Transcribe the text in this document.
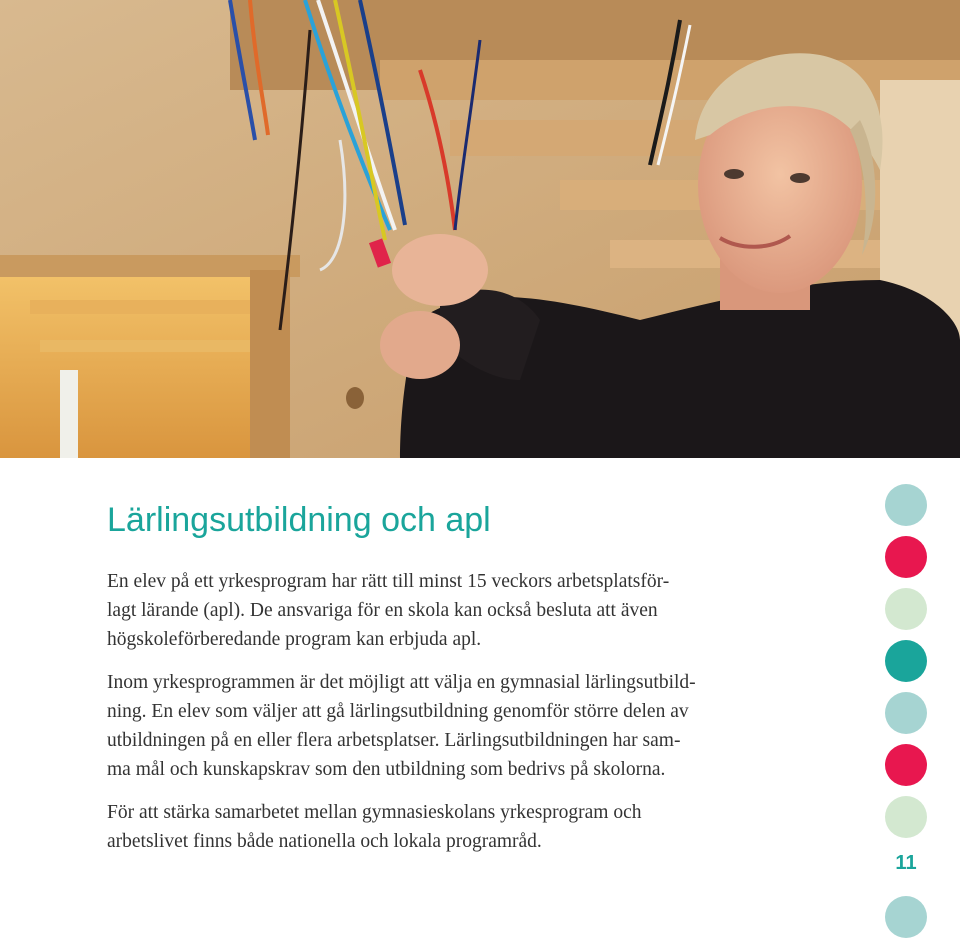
Lärlingsutbildning och apl

En elev på ett yrkesprogram har rätt till minst 15 veckors arbetsplatsför-
lagt lärande (apl). De ansvariga för en skola kan också besluta att även
högskoleförberedande program kan erbjuda apl.

Inom yrkesprogrammen är det möjligt att välja en gymnasial lärlingsutbild-
ning. En elev som väljer att gå lärlingsutbildning genomför större delen av
utbildningen på en eller flera arbetsplatser. Lärlingsutbildningen har sam-
ma mål och kunskapskrav som den utbildning som bedrivs på skolorna.

För att stärka samarbetet mellan gymnasieskolans yrkesprogram och
arbetslivet finns både nationella och lokala programråd.

11
